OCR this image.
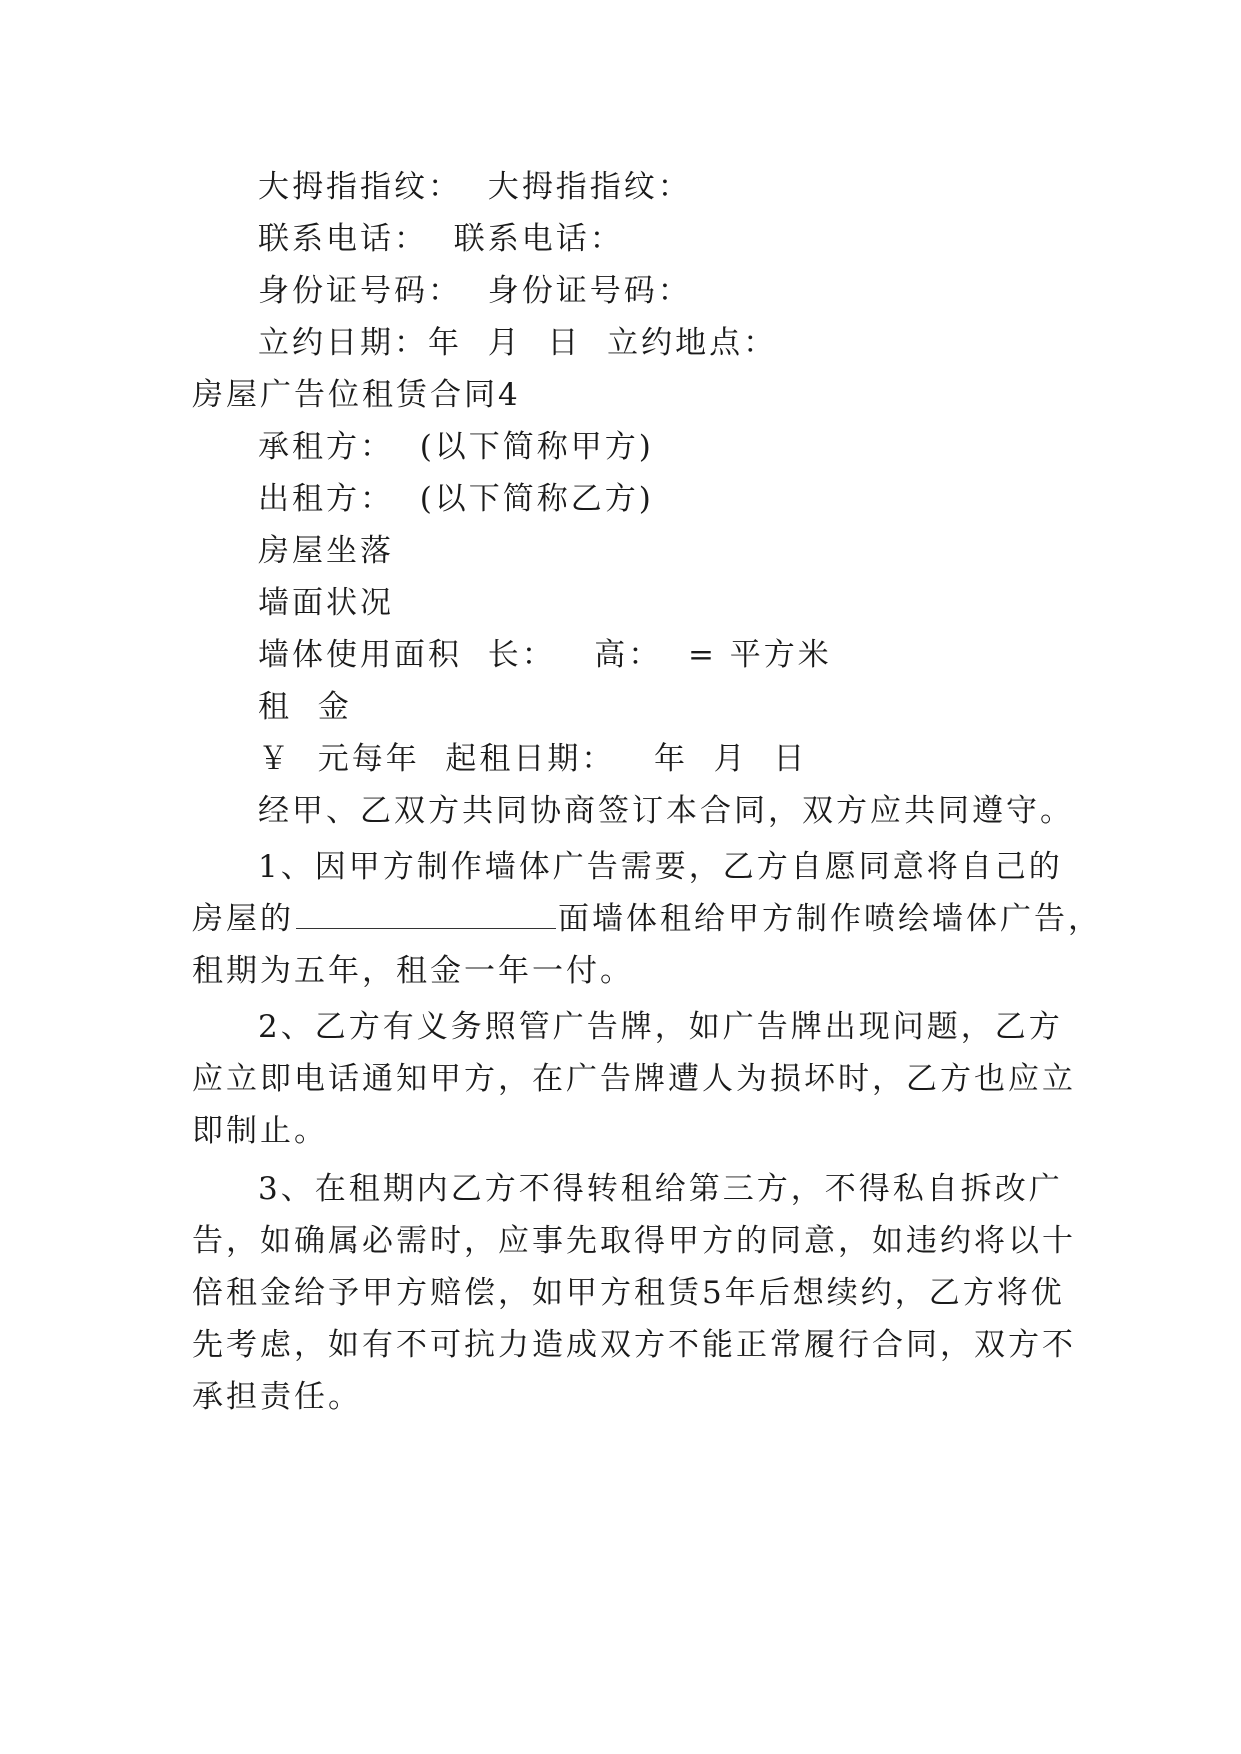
大拇指指纹：  大拇指指纹：
联系电话：  联系电话：
身份证号码：  身份证号码：
立约日期：年  月  日  立约地点：
房屋广告位租赁合同4
承租方：  (以下简称甲方)
出租方：  (以下简称乙方)
房屋坐落
墙面状况
墙体使用面积  长：   高：  = 平方米
租  金
￥  元每年  起租日期：   年  月  日
经甲、乙双方共同协商签订本合同，双方应共同遵守。
1、因甲方制作墙体广告需要，乙方自愿同意将自己的
房屋的	面墙体租给甲方制作喷绘墙体广告，
租期为五年，租金一年一付。
2、乙方有义务照管广告牌，如广告牌出现问题，乙方
应立即电话通知甲方，在广告牌遭人为损坏时，乙方也应立
即制止。
3、在租期内乙方不得转租给第三方，不得私自拆改广
告，如确属必需时，应事先取得甲方的同意，如违约将以十
倍租金给予甲方赔偿，如甲方租赁5年后想续约，乙方将优
先考虑，如有不可抗力造成双方不能正常履行合同，双方不
承担责任。
